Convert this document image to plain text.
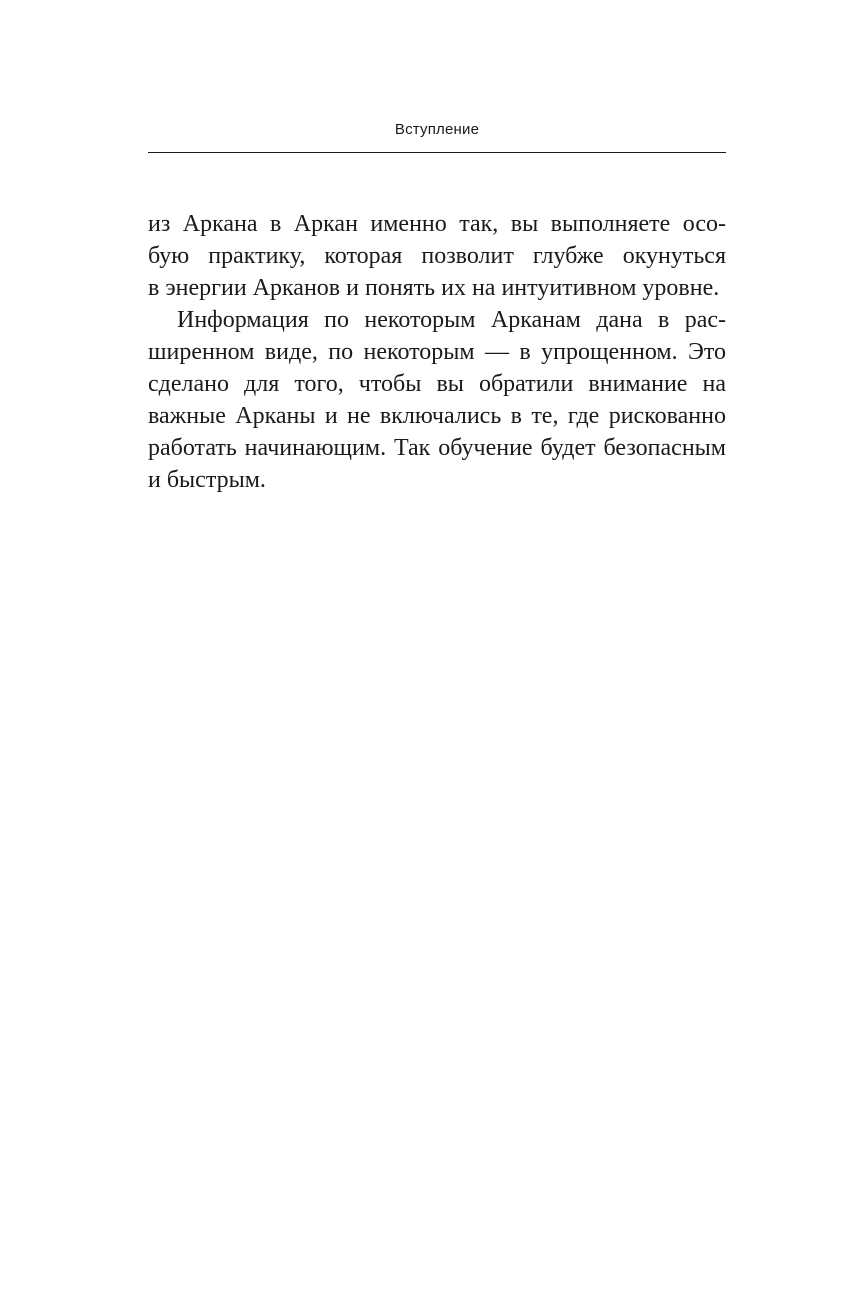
Вступление

из Аркана в Аркан именно так, вы выполняете осо-
бую практику, которая позволит глубже окунуться
в энергии Арканов и понять их на интуитивном уровне.

Информация по некоторым Арканам дана в рас-
ширенном виде, по некоторым — в упрощенном. Это
сделано для того, чтобы вы обратили внимание на
важные Арканы и не включались в те, где рискованно
работать начинающим. Так обучение будет безопасным
и быстрым.
